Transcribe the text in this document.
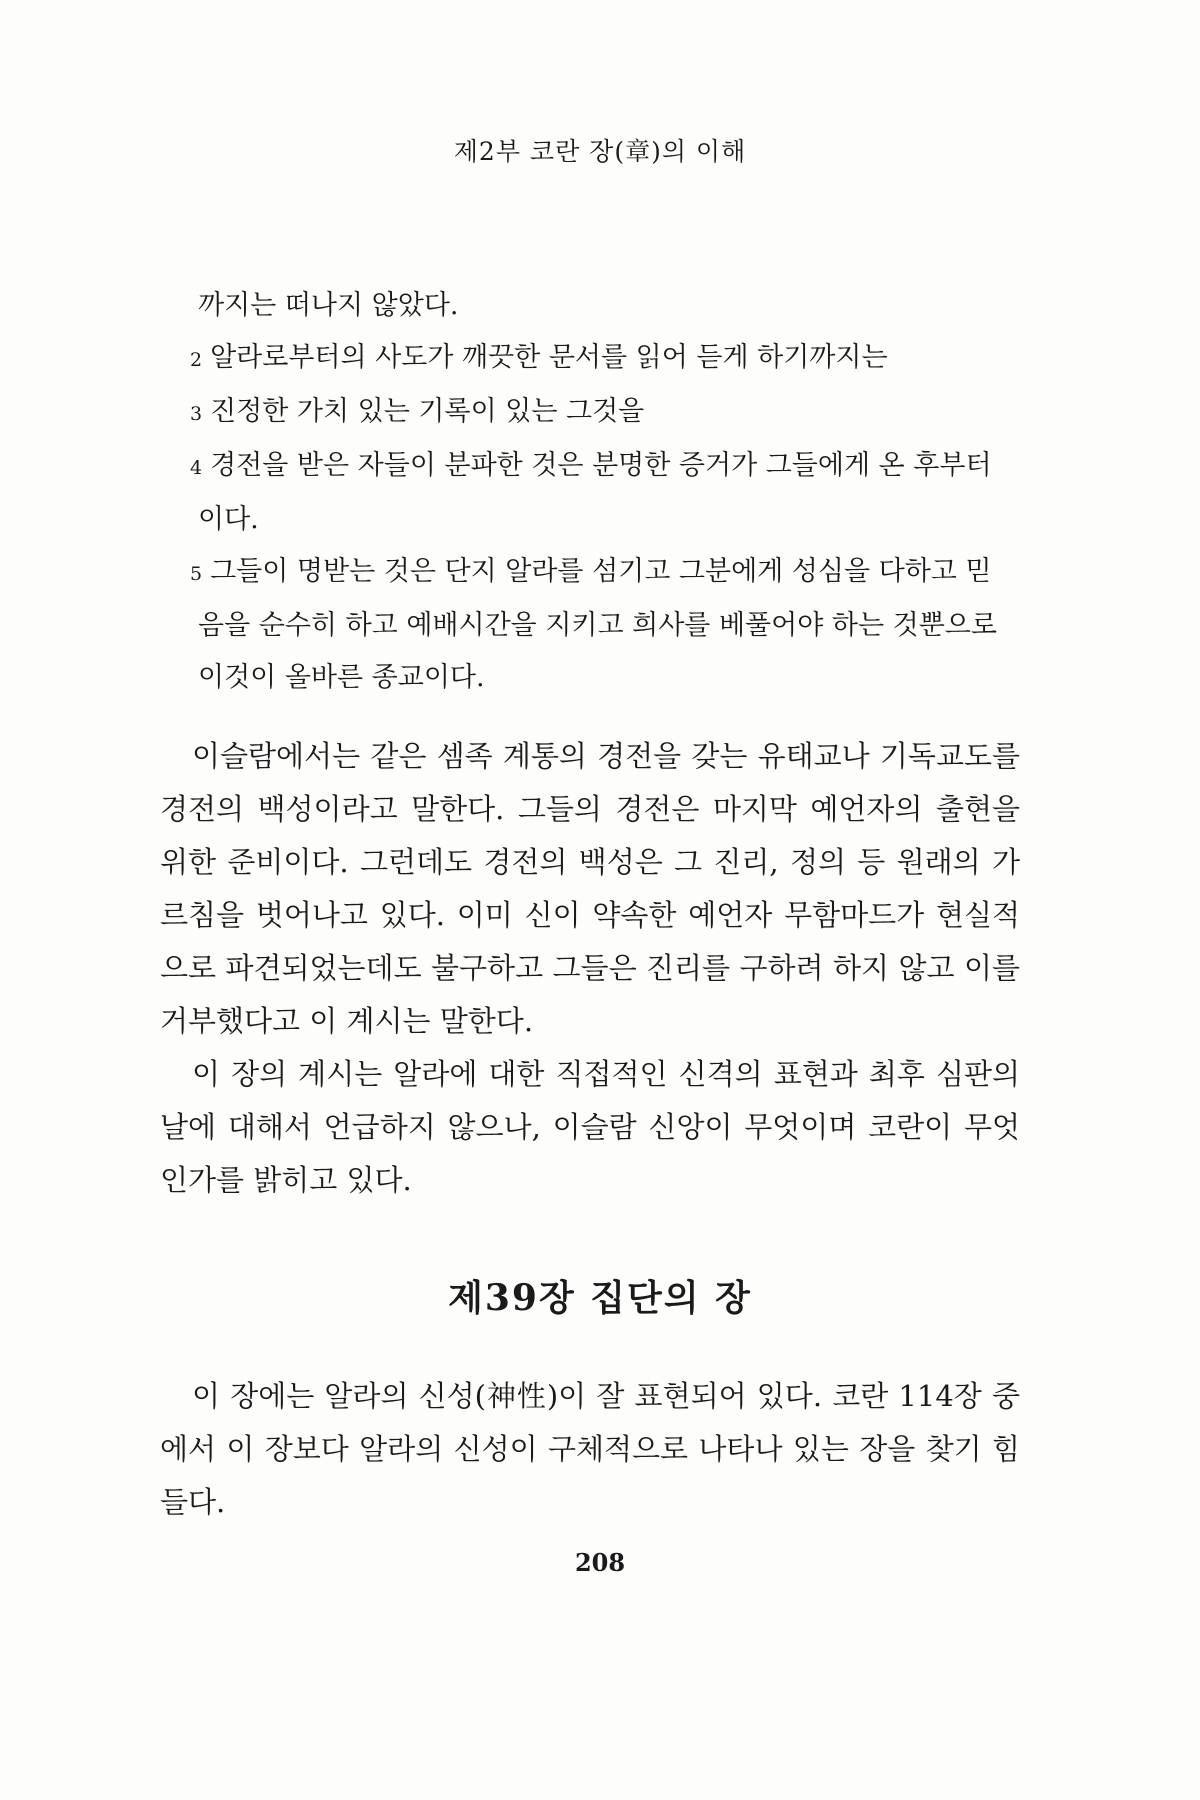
제2부 코란 장(章)의 이해
까지는 떠나지 않았다.
2 알라로부터의 사도가 깨끗한 문서를 읽어 듣게 하기까지는
3 진정한 가치 있는 기록이 있는 그것을
4 경전을 받은 자들이 분파한 것은 분명한 증거가 그들에게 온 후부터
이다.
5 그들이 명받는 것은 단지 알라를 섬기고 그분에게 성심을 다하고 믿
음을 순수히 하고 예배시간을 지키고 희사를 베풀어야 하는 것뿐으로
이것이 올바른 종교이다.

이슬람에서는 같은 셈족 계통의 경전을 갖는 유태교나 기독교도를 경전의 백성이라고 말한다. 그들의 경전은 마지막 예언자의 출현을 위한 준비이다. 그런데도 경전의 백성은 그 진리, 정의 등 원래의 가르침을 벗어나고 있다. 이미 신이 약속한 예언자 무함마드가 현실적으로 파견되었는데도 불구하고 그들은 진리를 구하려 하지 않고 이를 거부했다고 이 계시는 말한다.

이 장의 계시는 알라에 대한 직접적인 신격의 표현과 최후 심판의 날에 대해서 언급하지 않으나, 이슬람 신앙이 무엇이며 코란이 무엇인가를 밝히고 있다.

제39장 집단의 장

이 장에는 알라의 신성(神性)이 잘 표현되어 있다. 코란 114장 중에서 이 장보다 알라의 신성이 구체적으로 나타나 있는 장을 찾기 힘들다.

208
